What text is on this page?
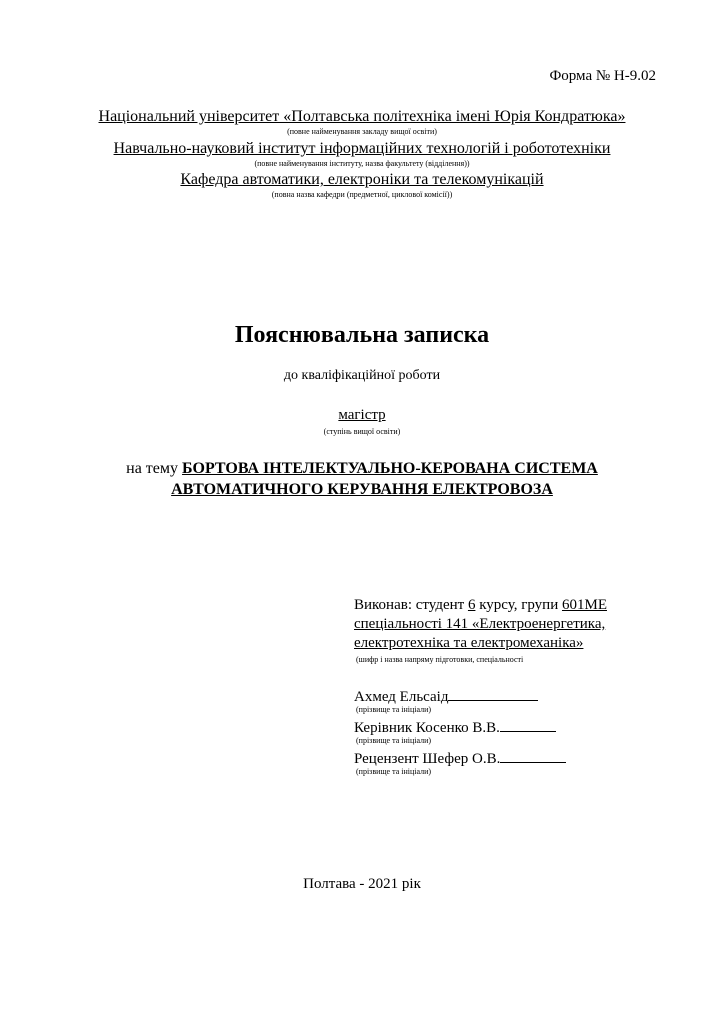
Форма № Н-9.02
Національний університет «Полтавська політехніка імені Юрія Кондратюка»
(повне найменування закладу вищої освіти)
Навчально-науковий інститут інформаційних технологій і робототехніки
(повне найменування інституту, назва факультету (відділення))
Кафедра автоматики, електроніки та телекомунікацій
(повна назва кафедри (предметної, циклової комісії))
Пояснювальна записка
до кваліфікаційної роботи
магістр
(ступінь вищої освіти)
на тему БОРТОВА ІНТЕЛЕКТУАЛЬНО-КЕРОВАНА СИСТЕМА
АВТОМАТИЧНОГО КЕРУВАННЯ ЕЛЕКТРОВОЗА
Виконав: студент 6 курсу, групи 601МЕ
спеціальності 141 «Електроенергетика,
електротехніка та електромеханіка»
(шифр і назва напряму підготовки, спеціальності
Ахмед Ельсаід
(прізвище та ініціали)
Керівник Косенко В.В.
(прізвище та ініціали)
Рецензент Шефер О.В.
(прізвище та ініціали)
Полтава - 2021 рік
